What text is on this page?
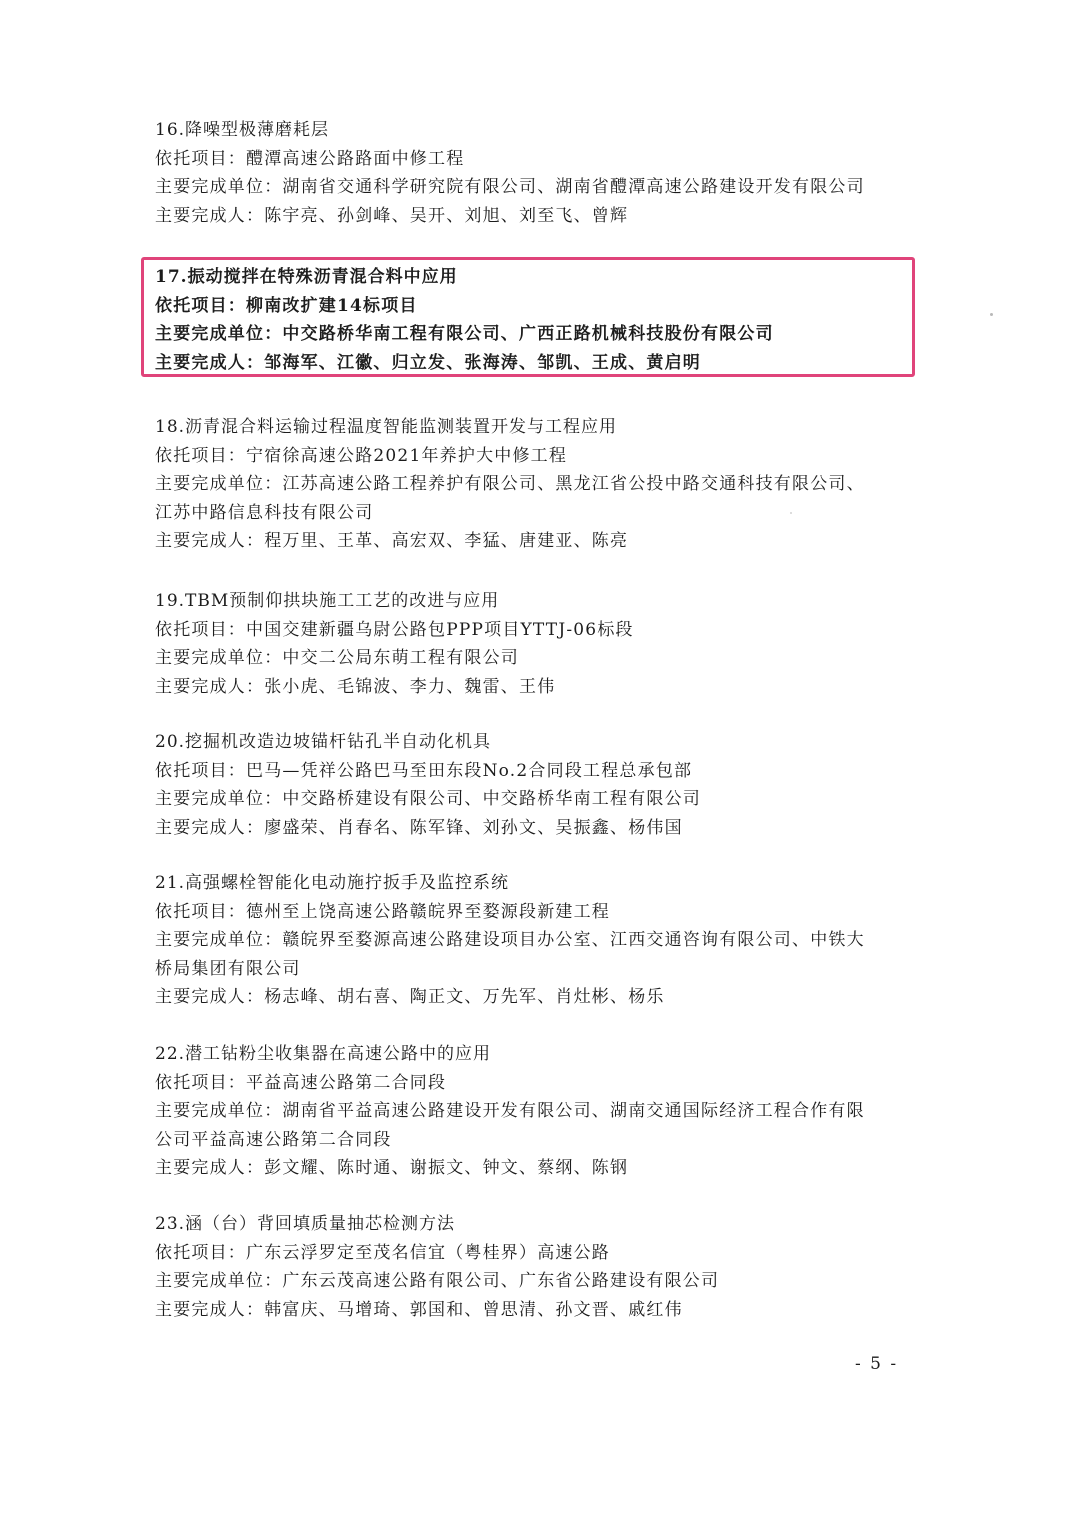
16.降噪型极薄磨耗层
依托项目：醴潭高速公路路面中修工程
主要完成单位：湖南省交通科学研究院有限公司、湖南省醴潭高速公路建设开发有限公司
主要完成人：陈宇亮、孙剑峰、吴开、刘旭、刘至飞、曾辉
17.振动搅拌在特殊沥青混合料中应用
依托项目：柳南改扩建14标项目
主要完成单位：中交路桥华南工程有限公司、广西正路机械科技股份有限公司
主要完成人：邹海军、江徽、归立发、张海涛、邹凯、王成、黄启明
18.沥青混合料运输过程温度智能监测装置开发与工程应用
依托项目：宁宿徐高速公路2021年养护大中修工程
主要完成单位：江苏高速公路工程养护有限公司、黑龙江省公投中路交通科技有限公司、
江苏中路信息科技有限公司
主要完成人：程万里、王革、高宏双、李猛、唐建亚、陈亮
19.TBM预制仰拱块施工工艺的改进与应用
依托项目：中国交建新疆乌尉公路包PPP项目YTTJ-06标段
主要完成单位：中交二公局东萌工程有限公司
主要完成人：张小虎、毛锦波、李力、魏雷、王伟
20.挖掘机改造边坡锚杆钻孔半自动化机具
依托项目：巴马—凭祥公路巴马至田东段No.2合同段工程总承包部
主要完成单位：中交路桥建设有限公司、中交路桥华南工程有限公司
主要完成人：廖盛荣、肖春名、陈军锋、刘孙文、吴振鑫、杨伟国
21.高强螺栓智能化电动施拧扳手及监控系统
依托项目：德州至上饶高速公路赣皖界至婺源段新建工程
主要完成单位：赣皖界至婺源高速公路建设项目办公室、江西交通咨询有限公司、中铁大
桥局集团有限公司
主要完成人：杨志峰、胡右喜、陶正文、万先军、肖灶彬、杨乐
22.潜工钻粉尘收集器在高速公路中的应用
依托项目：平益高速公路第二合同段
主要完成单位：湖南省平益高速公路建设开发有限公司、湖南交通国际经济工程合作有限
公司平益高速公路第二合同段
主要完成人：彭文耀、陈时通、谢振文、钟文、蔡纲、陈钢
23.涵（台）背回填质量抽芯检测方法
依托项目：广东云浮罗定至茂名信宜（粤桂界）高速公路
主要完成单位：广东云茂高速公路有限公司、广东省公路建设有限公司
主要完成人：韩富庆、马增琦、郭国和、曾思清、孙文晋、戚红伟
- 5 -
